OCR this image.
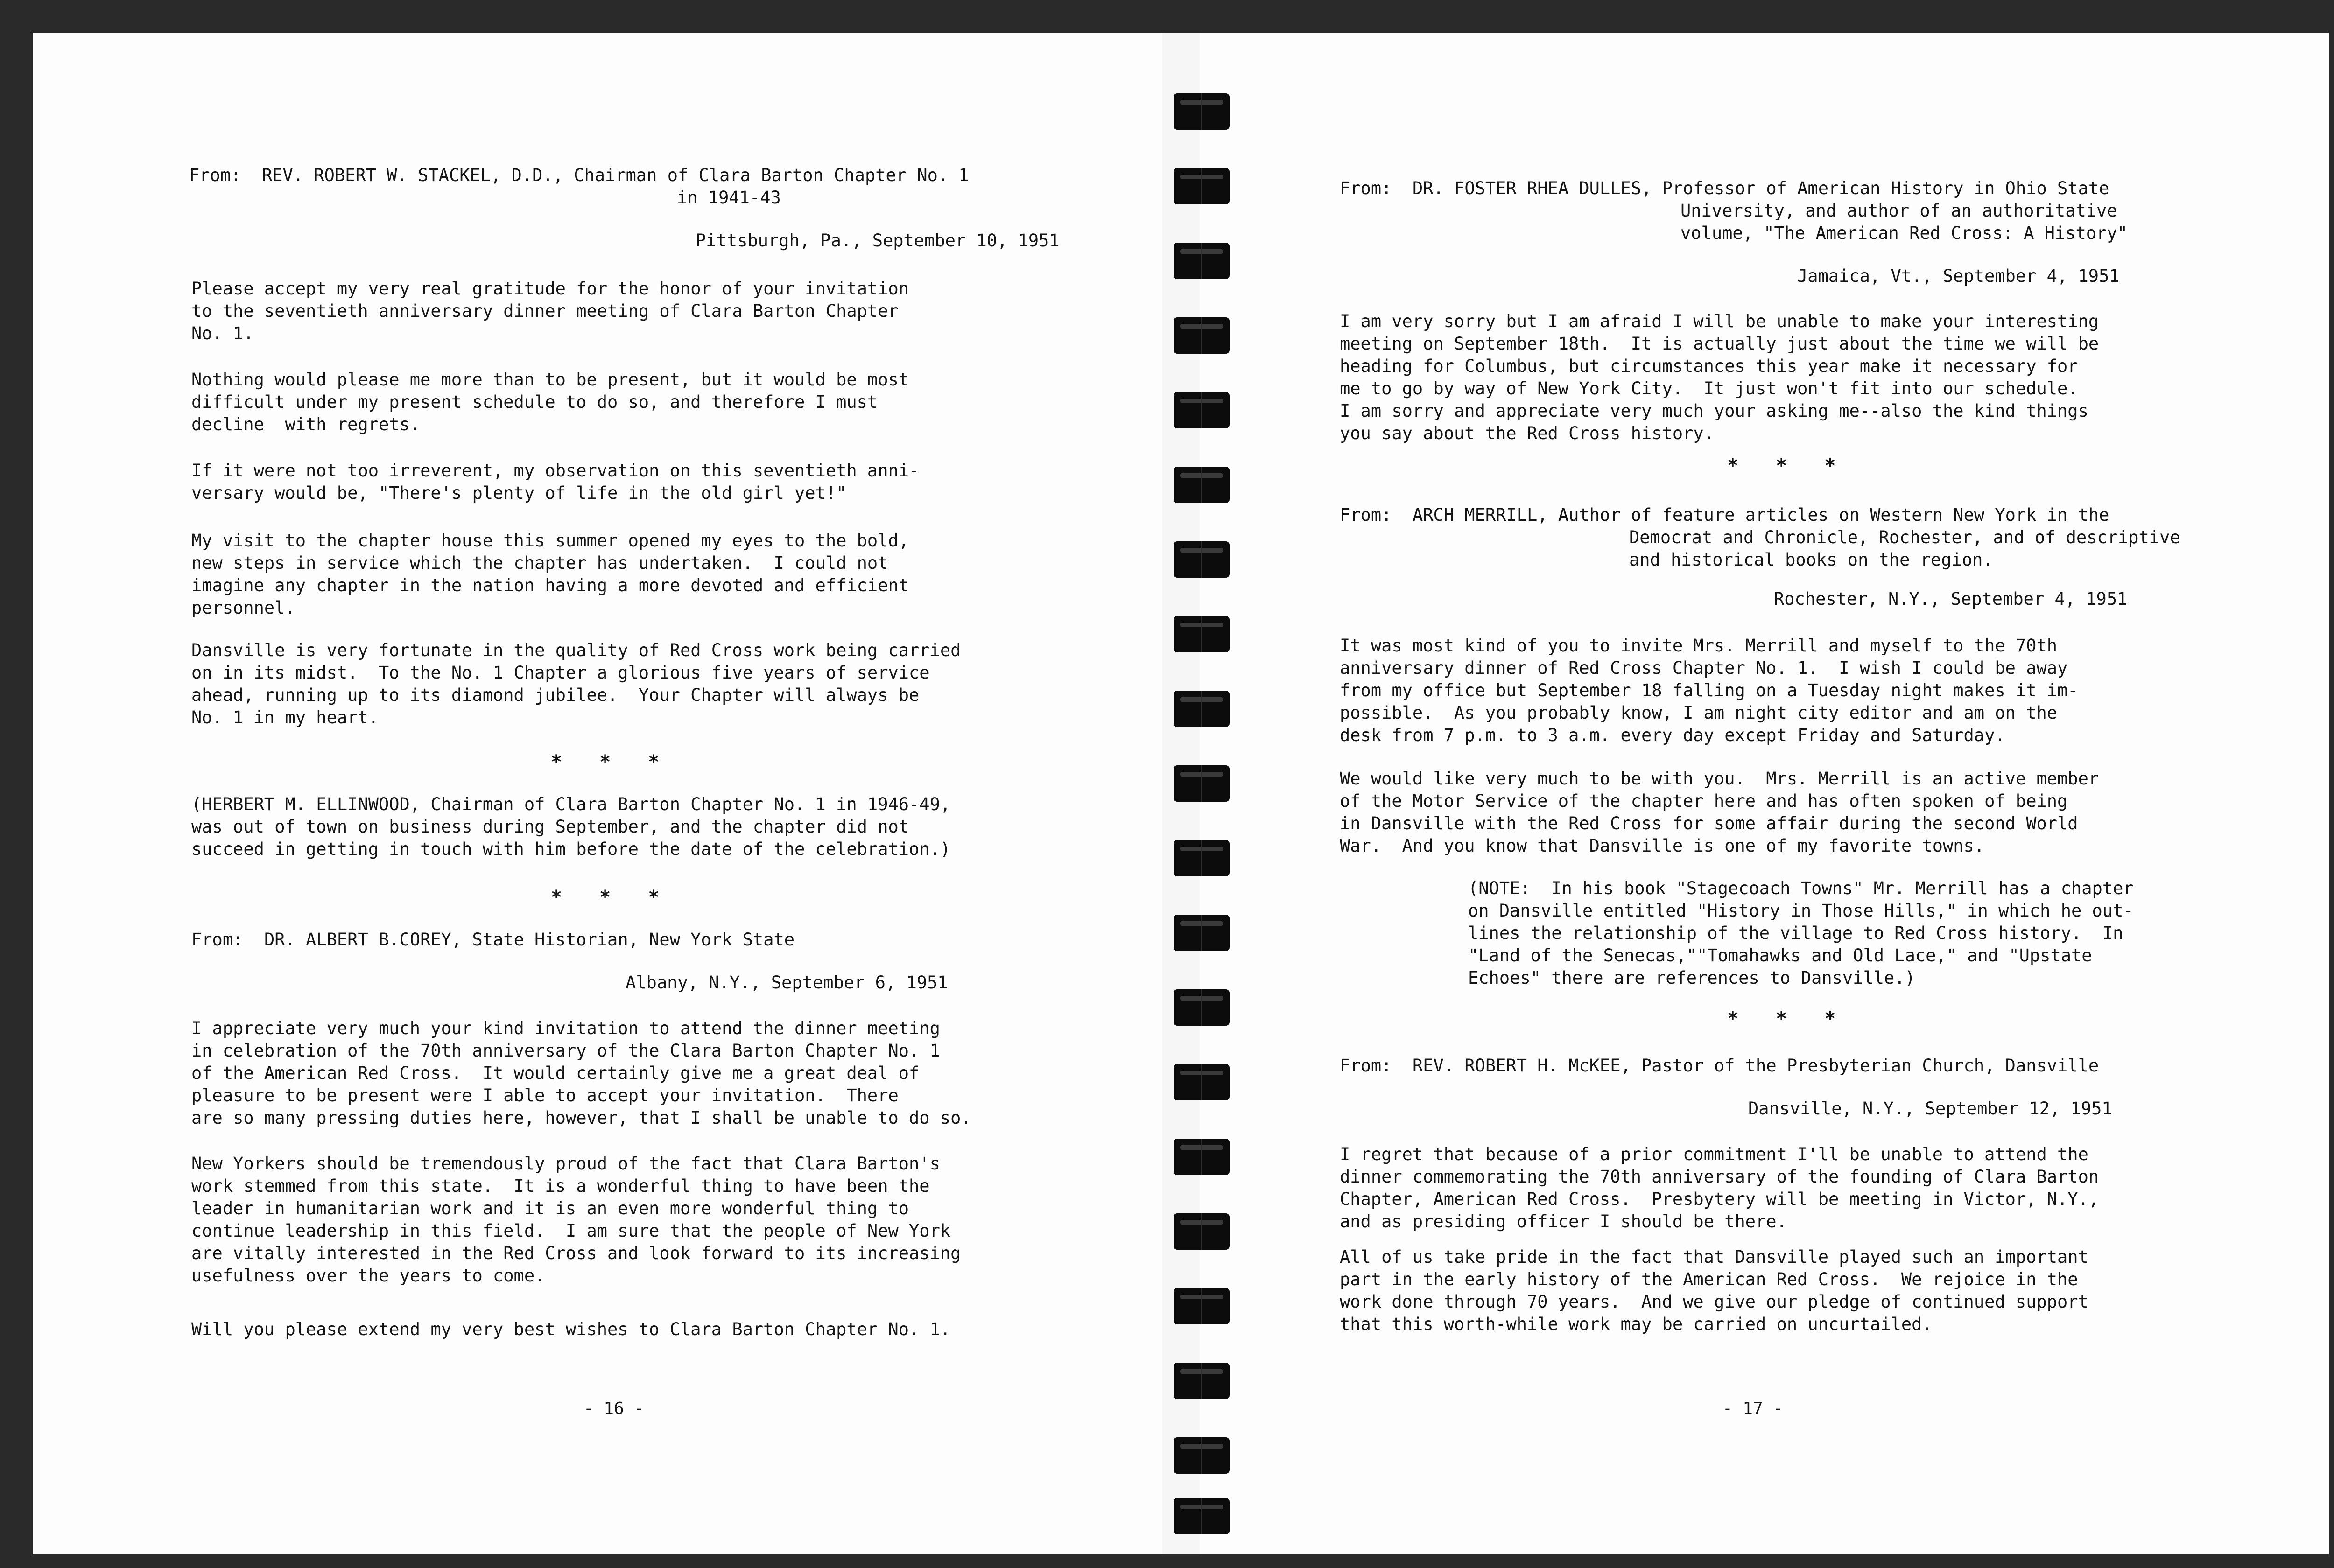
From: REV. ROBERT W. STACKEL, D.D., Chairman of Clara Barton Chapter No. 1
in 1941-43
Pittsburgh, Pa., September 10, 1951
Please accept my very real gratitude for the honor of your invitation
to the seventieth anniversary dinner meeting of Clara Barton Chapter
No. 1.
Nothing would please me more than to be present, but it would be most
difficult under my present schedule to do so, and therefore I must
decline  with regrets.
If it were not too irreverent, my observation on this seventieth anni-
versary would be, "There's plenty of life in the old girl yet!"
My visit to the chapter house this summer opened my eyes to the bold,
new steps in service which the chapter has undertaken.  I could not
imagine any chapter in the nation having a more devoted and efficient
personnel.
Dansville is very fortunate in the quality of Red Cross work being carried
on in its midst.  To the No. 1 Chapter a glorious five years of service
ahead, running up to its diamond jubilee.  Your Chapter will always be
No. 1 in my heart.
* * *
(HERBERT M. ELLINWOOD, Chairman of Clara Barton Chapter No. 1 in 1946-49,
was out of town on business during September, and the chapter did not
succeed in getting in touch with him before the date of the celebration.)
* * *
From: DR. ALBERT B.COREY, State Historian, New York State
Albany, N.Y., September 6, 1951
I appreciate very much your kind invitation to attend the dinner meeting
in celebration of the 70th anniversary of the Clara Barton Chapter No. 1
of the American Red Cross.  It would certainly give me a great deal of
pleasure to be present were I able to accept your invitation.  There
are so many pressing duties here, however, that I shall be unable to do so.
New Yorkers should be tremendously proud of the fact that Clara Barton's
work stemmed from this state.  It is a wonderful thing to have been the
leader in humanitarian work and it is an even more wonderful thing to
continue leadership in this field.  I am sure that the people of New York
are vitally interested in the Red Cross and look forward to its increasing
usefulness over the years to come.
Will you please extend my very best wishes to Clara Barton Chapter No. 1.
- 16 -
From: DR. FOSTER RHEA DULLES, Professor of American History in Ohio State
University, and author of an authoritative
volume, "The American Red Cross: A History"
Jamaica, Vt., September 4, 1951
I am very sorry but I am afraid I will be unable to make your interesting
meeting on September 18th.  It is actually just about the time we will be
heading for Columbus, but circumstances this year make it necessary for
me to go by way of New York City.  It just won't fit into our schedule.
I am sorry and appreciate very much your asking me--also the kind things
you say about the Red Cross history.
* * *
From: ARCH MERRILL, Author of feature articles on Western New York in the
Democrat and Chronicle, Rochester, and of descriptive
and historical books on the region.
Rochester, N.Y., September 4, 1951
It was most kind of you to invite Mrs. Merrill and myself to the 70th
anniversary dinner of Red Cross Chapter No. 1.  I wish I could be away
from my office but September 18 falling on a Tuesday night makes it im-
possible.  As you probably know, I am night city editor and am on the
desk from 7 p.m. to 3 a.m. every day except Friday and Saturday.
We would like very much to be with you.  Mrs. Merrill is an active member
of the Motor Service of the chapter here and has often spoken of being
in Dansville with the Red Cross for some affair during the second World
War.  And you know that Dansville is one of my favorite towns.
(NOTE:  In his book "Stagecoach Towns" Mr. Merrill has a chapter
on Dansville entitled "History in Those Hills," in which he out-
lines the relationship of the village to Red Cross history.  In
"Land of the Senecas,""Tomahawks and Old Lace," and "Upstate
Echoes" there are references to Dansville.)
* * *
From: REV. ROBERT H. McKEE, Pastor of the Presbyterian Church, Dansville
Dansville, N.Y., September 12, 1951
I regret that because of a prior commitment I'll be unable to attend the
dinner commemorating the 70th anniversary of the founding of Clara Barton
Chapter, American Red Cross.  Presbytery will be meeting in Victor, N.Y.,
and as presiding officer I should be there.
All of us take pride in the fact that Dansville played such an important
part in the early history of the American Red Cross.  We rejoice in the
work done through 70 years.  And we give our pledge of continued support
that this worth-while work may be carried on uncurtailed.
- 17 -
